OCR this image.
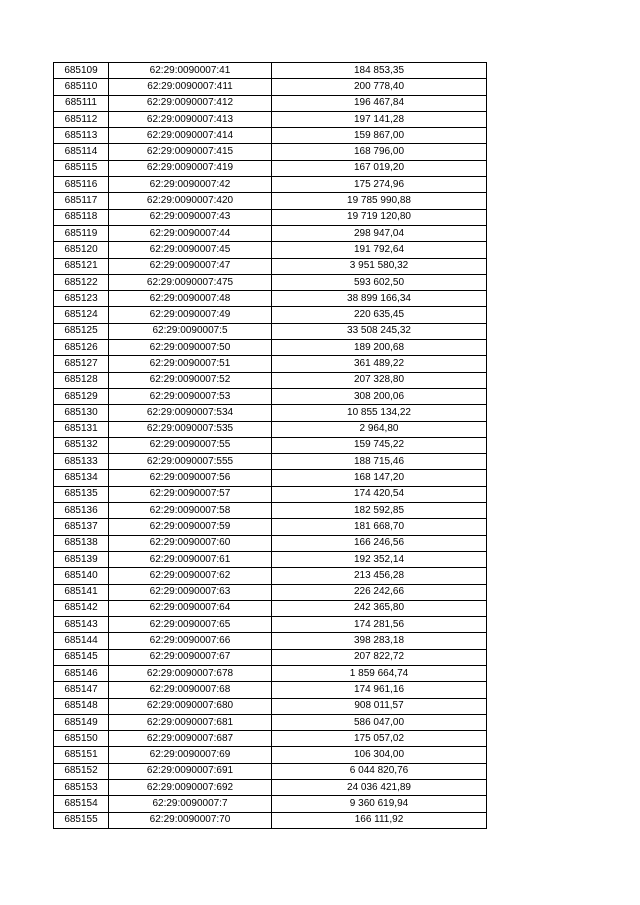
685109	62:29:0090007:41	184 853,35
685110	62:29:0090007:411	200 778,40
685111	62:29:0090007:412	196 467,84
685112	62:29:0090007:413	197 141,28
685113	62:29:0090007:414	159 867,00
685114	62:29:0090007:415	168 796,00
685115	62:29:0090007:419	167 019,20
685116	62:29:0090007:42	175 274,96
685117	62:29:0090007:420	19 785 990,88
685118	62:29:0090007:43	19 719 120,80
685119	62:29:0090007:44	298 947,04
685120	62:29:0090007:45	191 792,64
685121	62:29:0090007:47	3 951 580,32
685122	62:29:0090007:475	593 602,50
685123	62:29:0090007:48	38 899 166,34
685124	62:29:0090007:49	220 635,45
685125	62:29:0090007:5	33 508 245,32
685126	62:29:0090007:50	189 200,68
685127	62:29:0090007:51	361 489,22
685128	62:29:0090007:52	207 328,80
685129	62:29:0090007:53	308 200,06
685130	62:29:0090007:534	10 855 134,22
685131	62:29:0090007:535	2 964,80
685132	62:29:0090007:55	159 745,22
685133	62:29:0090007:555	188 715,46
685134	62:29:0090007:56	168 147,20
685135	62:29:0090007:57	174 420,54
685136	62:29:0090007:58	182 592,85
685137	62:29:0090007:59	181 668,70
685138	62:29:0090007:60	166 246,56
685139	62:29:0090007:61	192 352,14
685140	62:29:0090007:62	213 456,28
685141	62:29:0090007:63	226 242,66
685142	62:29:0090007:64	242 365,80
685143	62:29:0090007:65	174 281,56
685144	62:29:0090007:66	398 283,18
685145	62:29:0090007:67	207 822,72
685146	62:29:0090007:678	1 859 664,74
685147	62:29:0090007:68	174 961,16
685148	62:29:0090007:680	908 011,57
685149	62:29:0090007:681	586 047,00
685150	62:29:0090007:687	175 057,02
685151	62:29:0090007:69	106 304,00
685152	62:29:0090007:691	6 044 820,76
685153	62:29:0090007:692	24 036 421,89
685154	62:29:0090007:7	9 360 619,94
685155	62:29:0090007:70	166 111,92
